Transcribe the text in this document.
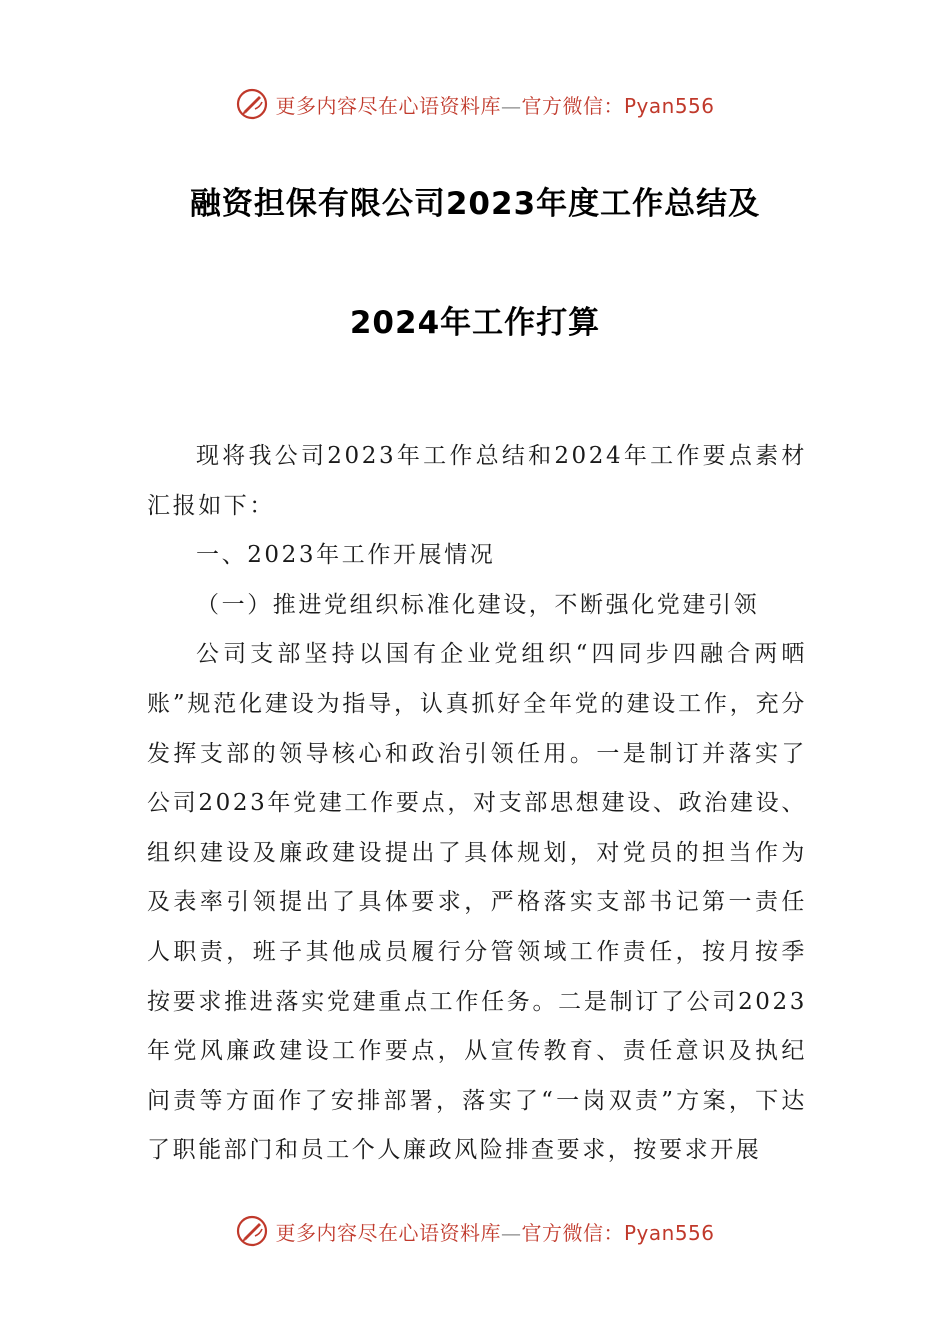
更多内容尽在心语资料库—官方微信：Pyan556
融资担保有限公司2023年度工作总结及
2024年工作打算

现将我公司2023年工作总结和2024年工作要点素材汇报如下：

一、2023年工作开展情况

（一）推进党组织标准化建设，不断强化党建引领

公司支部坚持以国有企业党组织“四同步四融合两晒账”规范化建设为指导，认真抓好全年党的建设工作，充分发挥支部的领导核心和政治引领任用。一是制订并落实了公司2023年党建工作要点，对支部思想建设、政治建设、组织建设及廉政建设提出了具体规划，对党员的担当作为及表率引领提出了具体要求，严格落实支部书记第一责任人职责，班子其他成员履行分管领域工作责任，按月按季按要求推进落实党建重点工作任务。二是制订了公司2023年党风廉政建设工作要点，从宣传教育、责任意识及执纪问责等方面作了安排部署，落实了“一岗双责”方案，下达了职能部门和员工个人廉政风险排查要求，按要求开展

更多内容尽在心语资料库—官方微信：Pyan556
